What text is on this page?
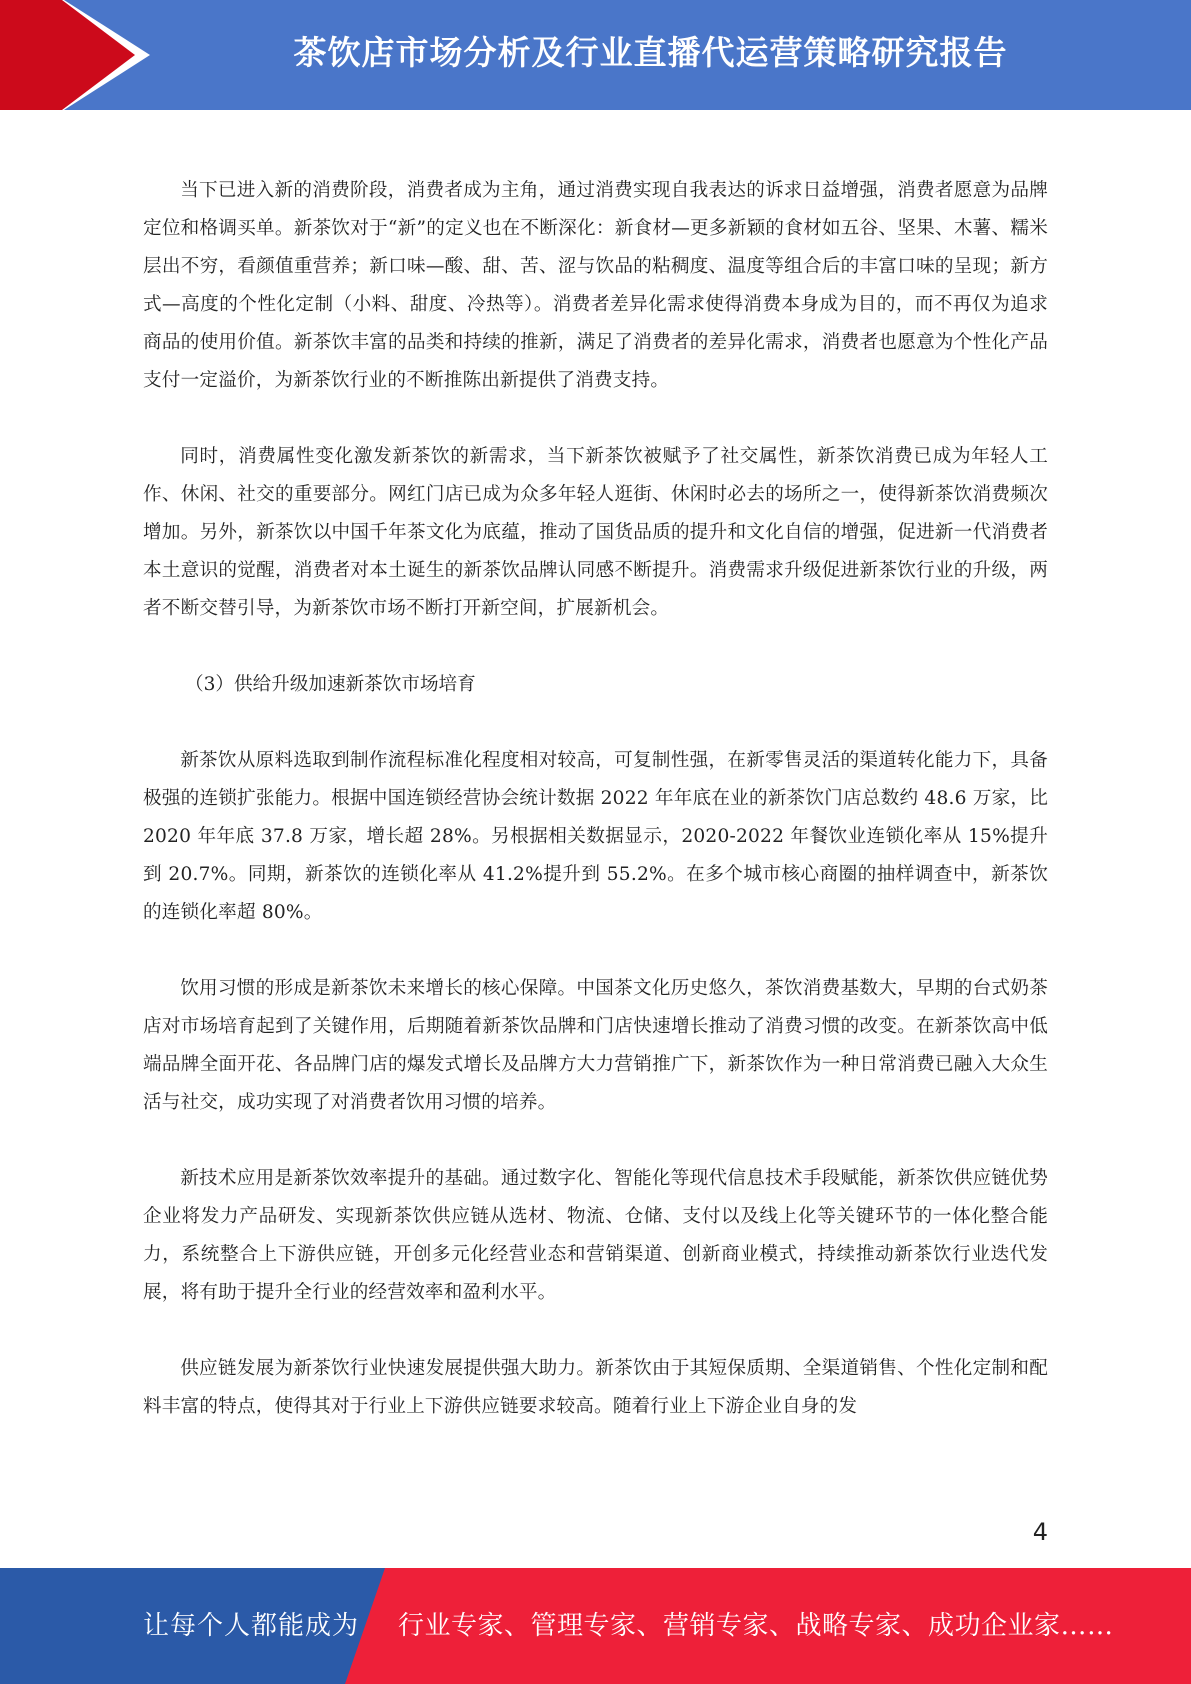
茶饮店市场分析及行业直播代运营策略研究报告

当下已进入新的消费阶段，消费者成为主角，通过消费实现自我表达的诉求日益增强，消费者愿意为品牌定位和格调买单。新茶饮对于“新”的定义也在不断深化：新食材—更多新颖的食材如五谷、坚果、木薯、糯米层出不穷，看颜值重营养；新口味—酸、甜、苦、涩与饮品的粘稠度、温度等组合后的丰富口味的呈现；新方式—高度的个性化定制（小料、甜度、冷热等）。消费者差异化需求使得消费本身成为目的，而不再仅为追求商品的使用价值。新茶饮丰富的品类和持续的推新，满足了消费者的差异化需求，消费者也愿意为个性化产品支付一定溢价，为新茶饮行业的不断推陈出新提供了消费支持。

同时，消费属性变化激发新茶饮的新需求，当下新茶饮被赋予了社交属性，新茶饮消费已成为年轻人工作、休闲、社交的重要部分。网红门店已成为众多年轻人逛街、休闲时必去的场所之一，使得新茶饮消费频次增加。另外，新茶饮以中国千年茶文化为底蕴，推动了国货品质的提升和文化自信的增强，促进新一代消费者本土意识的觉醒，消费者对本土诞生的新茶饮品牌认同感不断提升。消费需求升级促进新茶饮行业的升级，两者不断交替引导，为新茶饮市场不断打开新空间，扩展新机会。

（3）供给升级加速新茶饮市场培育

新茶饮从原料选取到制作流程标准化程度相对较高，可复制性强，在新零售灵活的渠道转化能力下，具备极强的连锁扩张能力。根据中国连锁经营协会统计数据 2022 年年底在业的新茶饮门店总数约 48.6 万家，比 2020 年年底 37.8 万家，增长超 28%。另根据相关数据显示，2020-2022 年餐饮业连锁化率从 15%提升到 20.7%。同期，新茶饮的连锁化率从 41.2%提升到 55.2%。在多个城市核心商圈的抽样调查中，新茶饮的连锁化率超 80%。

饮用习惯的形成是新茶饮未来增长的核心保障。中国茶文化历史悠久，茶饮消费基数大，早期的台式奶茶店对市场培育起到了关键作用，后期随着新茶饮品牌和门店快速增长推动了消费习惯的改变。在新茶饮高中低端品牌全面开花、各品牌门店的爆发式增长及品牌方大力营销推广下，新茶饮作为一种日常消费已融入大众生活与社交，成功实现了对消费者饮用习惯的培养。

新技术应用是新茶饮效率提升的基础。通过数字化、智能化等现代信息技术手段赋能，新茶饮供应链优势企业将发力产品研发、实现新茶饮供应链从选材、物流、仓储、支付以及线上化等关键环节的一体化整合能力，系统整合上下游供应链，开创多元化经营业态和营销渠道、创新商业模式，持续推动新茶饮行业迭代发展，将有助于提升全行业的经营效率和盈利水平。

供应链发展为新茶饮行业快速发展提供强大助力。新茶饮由于其短保质期、全渠道销售、个性化定制和配料丰富的特点，使得其对于行业上下游供应链要求较高。随着行业上下游企业自身的发

4
让每个人都能成为 行业专家、管理专家、营销专家、战略专家、成功企业家……
